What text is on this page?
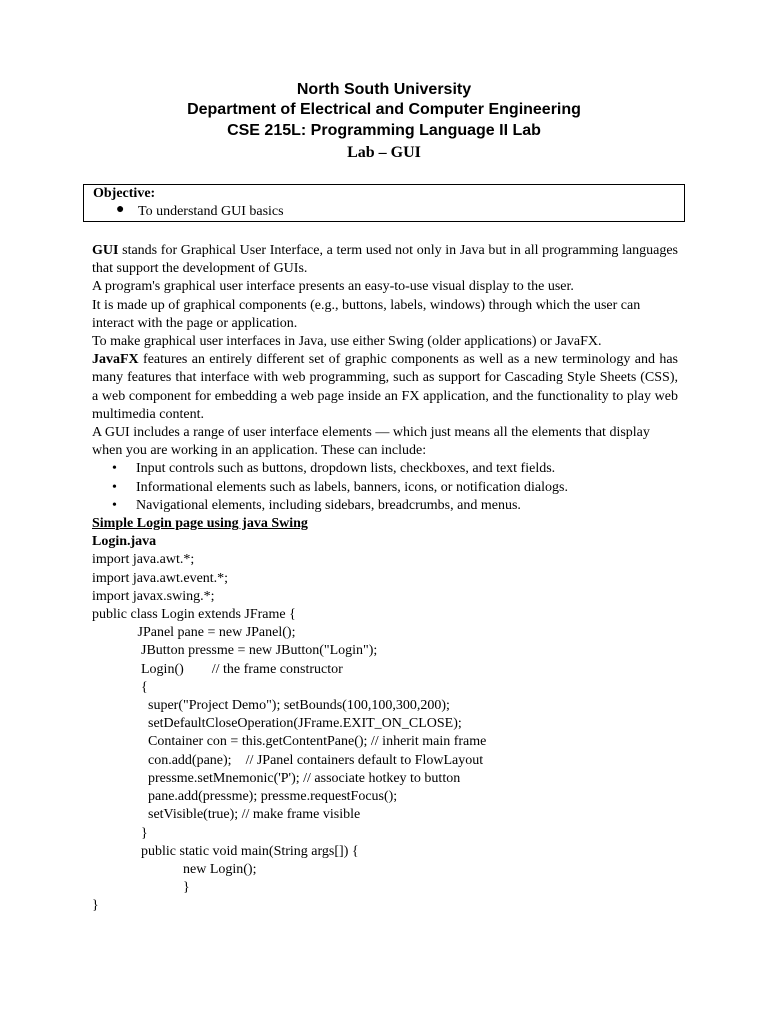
North South University
Department of Electrical and Computer Engineering
CSE 215L: Programming Language II Lab
Lab – GUI
Objective:
● To understand GUI basics

GUI stands for Graphical User Interface, a term used not only in Java but in all programming languages that support the development of GUIs.

A program's graphical user interface presents an easy-to-use visual display to the user.

It is made up of graphical components (e.g., buttons, labels, windows) through which the user can interact with the page or application.

To make graphical user interfaces in Java, use either Swing (older applications) or JavaFX.

JavaFX features an entirely different set of graphic components as well as a new terminology and has many features that interface with web programming, such as support for Cascading Style Sheets (CSS), a web component for embedding a web page inside an FX application, and the functionality to play web multimedia content.

A GUI includes a range of user interface elements — which just means all the elements that display when you are working in an application. These can include:

• Input controls such as buttons, dropdown lists, checkboxes, and text fields.
• Informational elements such as labels, banners, icons, or notification dialogs.
• Navigational elements, including sidebars, breadcrumbs, and menus.

Simple Login page using java Swing

Login.java

import java.awt.*;

import java.awt.event.*;

import javax.swing.*;

public class Login extends JFrame {

JPanel pane = new JPanel();

JButton pressme = new JButton("Login");

Login()        // the frame constructor

{

super("Project Demo"); setBounds(100,100,300,200);

setDefaultCloseOperation(JFrame.EXIT_ON_CLOSE);

Container con = this.getContentPane(); // inherit main frame

con.add(pane);    // JPanel containers default to FlowLayout

pressme.setMnemonic('P'); // associate hotkey to button

pane.add(pressme); pressme.requestFocus();

setVisible(true); // make frame visible

}

public static void main(String args[]) {

new Login();

}

}
